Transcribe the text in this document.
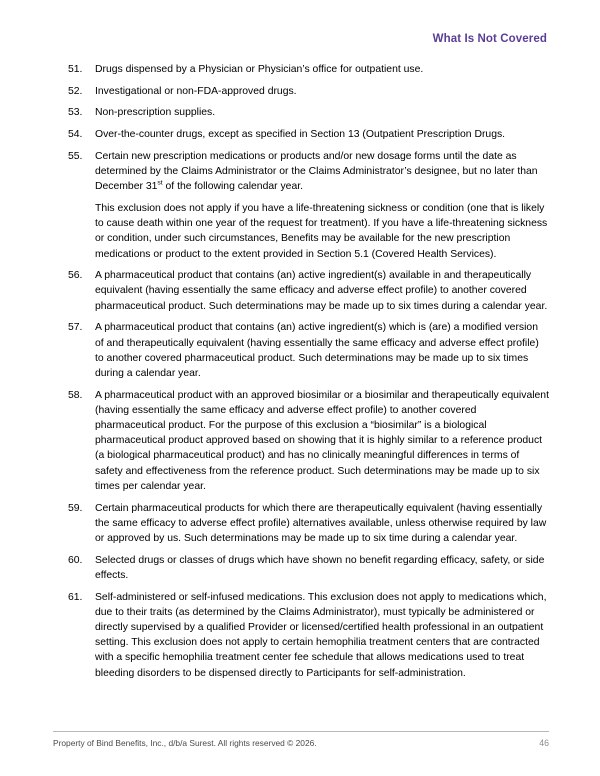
What Is Not Covered
51.	Drugs dispensed by a Physician or Physician’s office for outpatient use.

52.	Investigational or non-FDA-approved drugs.

53.	Non-prescription supplies.

54.	Over-the-counter drugs, except as specified in Section 13 (Outpatient Prescription Drugs.

55.	Certain new prescription medications or products and/or new dosage forms until the date as determined by the Claims Administrator or the Claims Administrator’s designee, but no later than December 31st of the following calendar year.

This exclusion does not apply if you have a life-threatening sickness or condition (one that is likely to cause death within one year of the request for treatment). If you have a life-threatening sickness or condition, under such circumstances, Benefits may be available for the new prescription medications or product to the extent provided in Section 5.1 (Covered Health Services).

56.	A pharmaceutical product that contains (an) active ingredient(s) available in and therapeutically equivalent (having essentially the same efficacy and adverse effect profile) to another covered pharmaceutical product. Such determinations may be made up to six times during a calendar year.

57.	A pharmaceutical product that contains (an) active ingredient(s) which is (are) a modified version of and therapeutically equivalent (having essentially the same efficacy and adverse effect profile) to another covered pharmaceutical product. Such determinations may be made up to six times during a calendar year.

58.	A pharmaceutical product with an approved biosimilar or a biosimilar and therapeutically equivalent (having essentially the same efficacy and adverse effect profile) to another covered pharmaceutical product. For the purpose of this exclusion a “biosimilar” is a biological pharmaceutical product approved based on showing that it is highly similar to a reference product (a biological pharmaceutical product) and has no clinically meaningful differences in terms of safety and effectiveness from the reference product. Such determinations may be made up to six times per calendar year.

59.	Certain pharmaceutical products for which there are therapeutically equivalent (having essentially the same efficacy to adverse effect profile) alternatives available, unless otherwise required by law or approved by us. Such determinations may be made up to six time during a calendar year.

60.	Selected drugs or classes of drugs which have shown no benefit regarding efficacy, safety, or side effects.

61.	Self-administered or self-infused medications. This exclusion does not apply to medications which, due to their traits (as determined by the Claims Administrator), must typically be administered or directly supervised by a qualified Provider or licensed/certified health professional in an outpatient setting. This exclusion does not apply to certain hemophilia treatment centers that are contracted with a specific hemophilia treatment center fee schedule that allows medications used to treat bleeding disorders to be dispensed directly to Participants for self-administration.

Property of Bind Benefits, Inc., d/b/a Surest. All rights reserved © 2026.	46
